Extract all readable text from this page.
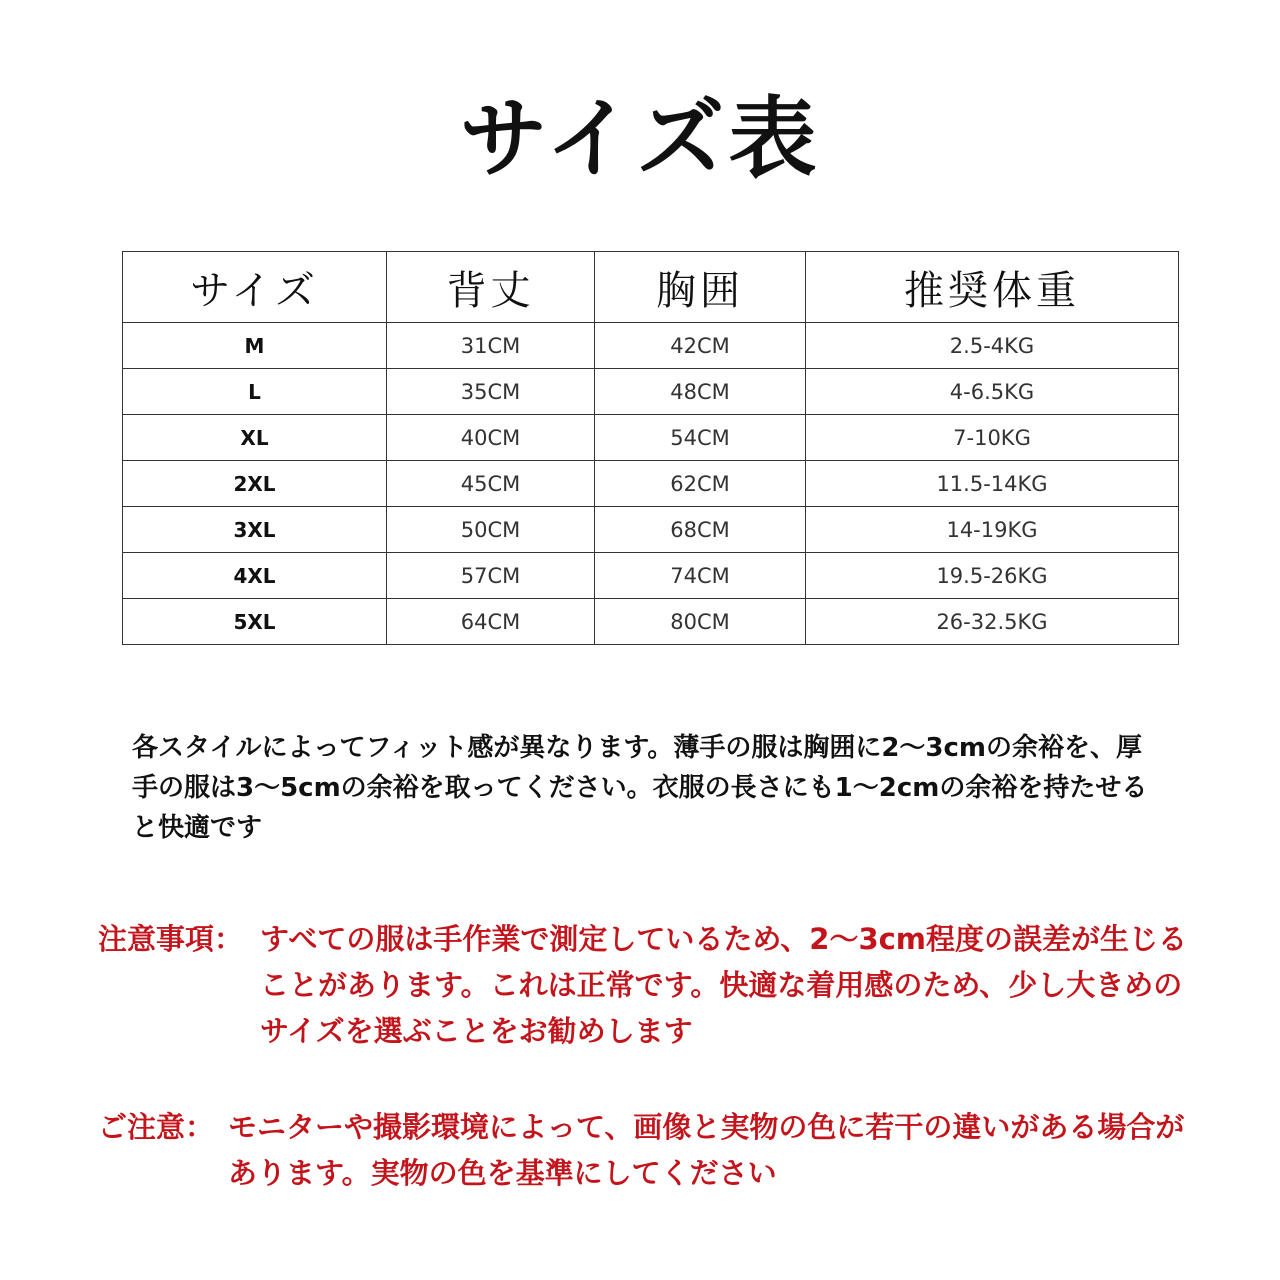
サイズ表
サイズ	背丈	胸囲	推奨体重
M	31CM	42CM	2.5-4KG
L	35CM	48CM	4-6.5KG
XL	40CM	54CM	7-10KG
2XL	45CM	62CM	11.5-14KG
3XL	50CM	68CM	14-19KG
4XL	57CM	74CM	19.5-26KG
5XL	64CM	80CM	26-32.5KG
各スタイルによってフィット感が異なります。薄手の服は胸囲に2～3cmの余裕を、厚手の服は3～5cmの余裕を取ってください。衣服の長さにも1～2cmの余裕を持たせると快適です
注意事項： すべての服は手作業で測定しているため、2～3cm程度の誤差が生じることがあります。これは正常です。快適な着用感のため、少し大きめのサイズを選ぶことをお勧めします
ご注意： モニターや撮影環境によって、画像と実物の色に若干の違いがある場合があります。実物の色を基準にしてください
